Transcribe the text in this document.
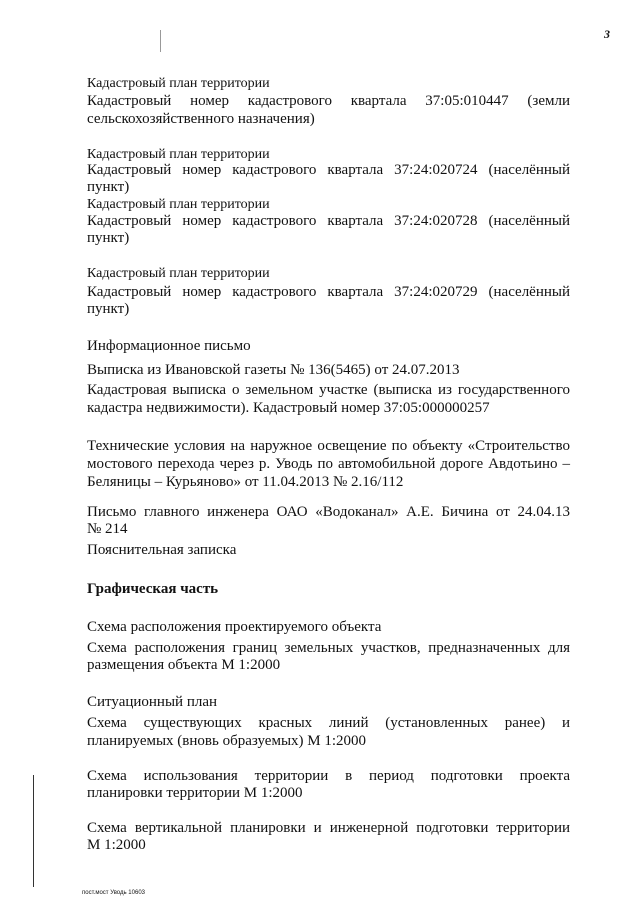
3
Кадастровый план территории
Кадастровый номер кадастрового квартала 37:05:010447 (земли
сельскохозяйственного назначения)
Кадастровый план территории
Кадастровый номер кадастрового квартала 37:24:020724 (населённый
пункт)
Кадастровый план территории
Кадастровый номер кадастрового квартала 37:24:020728 (населённый
пункт)
Кадастровый план территории
Кадастровый номер кадастрового квартала 37:24:020729 (населённый
пункт)
Информационное письмо
Выписка из Ивановской газеты № 136(5465) от 24.07.2013
Кадастровая выписка о земельном участке (выписка из государственного
кадастра недвижимости). Кадастровый номер 37:05:000000257
Технические условия на наружное освещение по объекту «Строительство
мостового перехода через р. Уводь по автомобильной дороге Авдотьино –
Беляницы – Курьяново» от 11.04.2013 № 2.16/112
Письмо главного инженера ОАО «Водоканал» А.Е. Бичина от 24.04.13
№ 214
Пояснительная записка
Графическая часть
Схема расположения проектируемого объекта
Схема расположения границ земельных участков, предназначенных для
размещения объекта М 1:2000
Ситуационный план
Схема существующих красных линий (установленных ранее) и
планируемых (вновь образуемых) М 1:2000
Схема использования территории в период подготовки проекта
планировки территории М 1:2000
Схема вертикальной планировки и инженерной подготовки территории
М 1:2000
пост.мост Уводь 10603
